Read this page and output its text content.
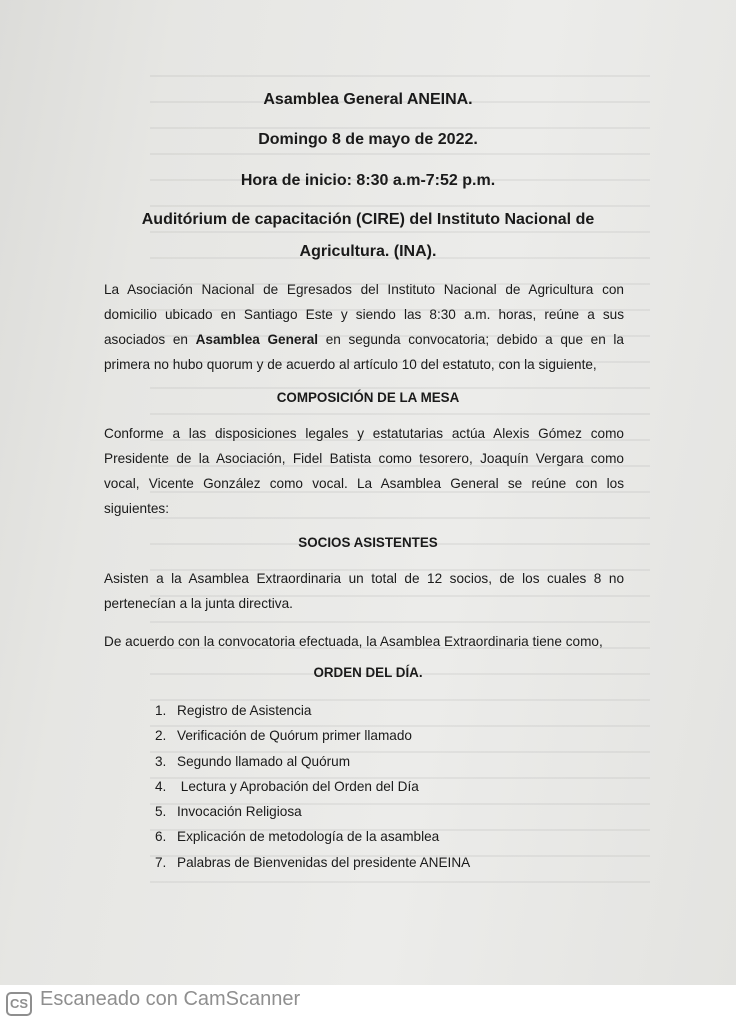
Asamblea General ANEINA.
Domingo 8 de mayo de 2022.
Hora de inicio: 8:30 a.m-7:52 p.m.
Auditórium de capacitación (CIRE) del Instituto Nacional de
Agricultura. (INA).
La Asociación Nacional de Egresados del Instituto Nacional de Agricultura con domicilio ubicado en Santiago Este y siendo las 8:30 a.m. horas, reúne a sus asociados en Asamblea General en segunda convocatoria; debido a que en la primera no hubo quorum y de acuerdo al artículo 10 del estatuto, con la siguiente,
COMPOSICIÓN DE LA MESA
Conforme a las disposiciones legales y estatutarias actúa Alexis Gómez como Presidente de la Asociación, Fidel Batista como tesorero, Joaquín Vergara como vocal, Vicente González como vocal. La Asamblea General se reúne con los siguientes:
SOCIOS ASISTENTES
Asisten a la Asamblea Extraordinaria un total de 12 socios, de los cuales 8 no pertenecían a la junta directiva.
De acuerdo con la convocatoria efectuada, la Asamblea Extraordinaria tiene como,
ORDEN DEL DÍA.
1. Registro de Asistencia
2. Verificación de Quórum primer llamado
3. Segundo llamado al Quórum
4. Lectura y Aprobación del Orden del Día
5. Invocación Religiosa
6. Explicación de metodología de la asamblea
7. Palabras de Bienvenidas del presidente ANEINA
CS Escaneado con CamScanner
